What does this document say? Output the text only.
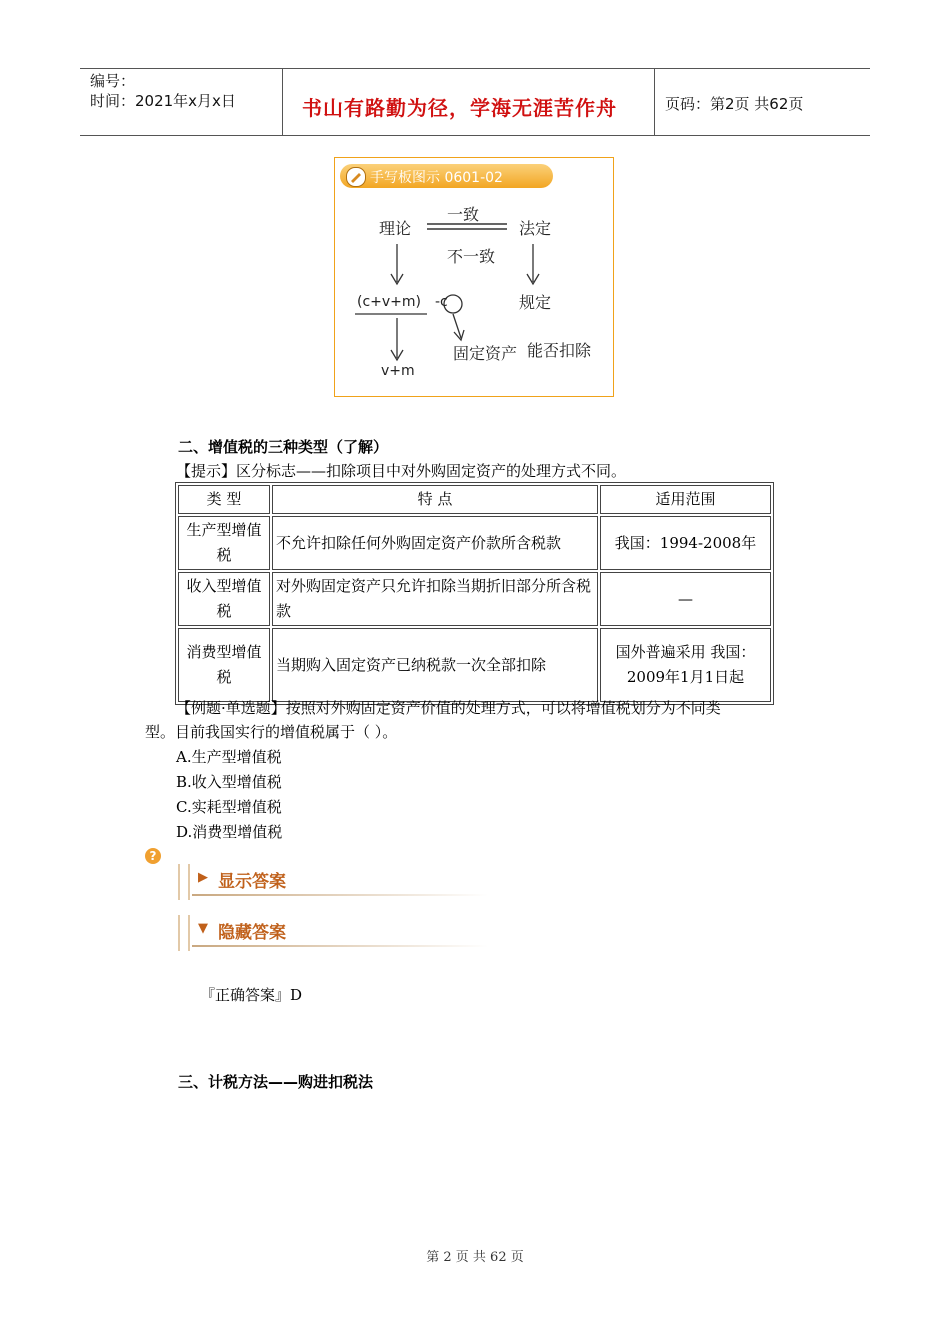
编号：
时间：2021年x月x日	书山有路勤为径，学海无涯苦作舟	页码：第2页 共62页
手写板图示 0601-02
理论
一致
不一致
法定
(c+v+m) -c	规定
固定资产 能否扣除
v+m
二、增值税的三种类型（了解）
【提示】区分标志——扣除项目中对外购固定资产的处理方式不同。
类 型	特 点	适用范围
生产型增值税	不允许扣除任何外购固定资产价款所含税款	我国：1994-2008年
收入型增值税	对外购固定资产只允许扣除当期折旧部分所含税款	—
消费型增值税	当期购入固定资产已纳税款一次全部扣除	国外普遍采用 我国：2009年1月1日起
【例题·单选题】按照对外购固定资产价值的处理方式，可以将增值税划分为不同类
型。目前我国实行的增值税属于（ ）。
A.生产型增值税
B.收入型增值税
C.实耗型增值税
D.消费型增值税
?
▶ 显示答案
▼ 隐藏答案
『正确答案』D
三、计税方法——购进扣税法
第 2 页 共 62 页
